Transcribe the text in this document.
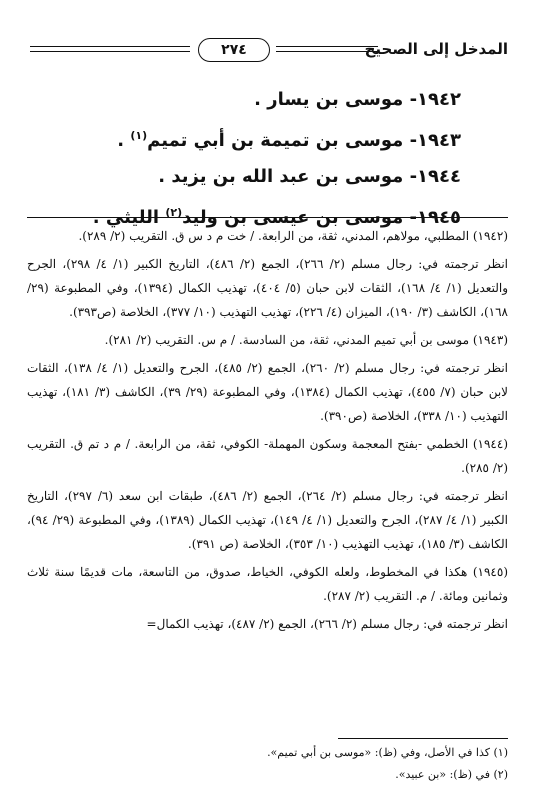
المدخل إلى الصحيح
٢٧٤
١٩٤٢- موسى بن يسار .
١٩٤٣- موسى بن تميمة بن أبي تميم$^{(١)}$ .
١٩٤٤- موسى بن عبد الله بن يزيد .
١٩٤٥- موسى بن عيسى بن وليد$^{(٢)}$ الليثي .

(١٩٤٢) المطلبي، مولاهم، المدني، ثقة، من الرابعة. / خت م د س ق. التقريب (٢/ ٢٨٩).

انظر ترجمته في: رجال مسلم (٢/ ٢٦٦)، الجمع (٢/ ٤٨٦)، التاريخ الكبير (١/ ٤/ ٢٩٨)، الجرح والتعديل (١/ ٤/ ١٦٨)، الثقات لابن حبان (٥/ ٤٠٤)، تهذيب الكمال (١٣٩٤)، وفي المطبوعة (٢٩/ ١٦٨)، الكاشف (٣/ ١٩٠)، الميزان (٤/ ٢٢٦)، تهذيب التهذيب (١٠/ ٣٧٧)، الخلاصة (ص٣٩٣).

(١٩٤٣) موسى بن أبي تميم المدني، ثقة، من السادسة. / م س. التقريب (٢/ ٢٨١).

انظر ترجمته في: رجال مسلم (٢/ ٢٦٠)، الجمع (٢/ ٤٨٥)، الجرح والتعديل (١/ ٤/ ١٣٨)، الثقات لابن حبان (٧/ ٤٥٥)، تهذيب الكمال (١٣٨٤)، وفي المطبوعة (٢٩/ ٣٩)، الكاشف (٣/ ١٨١)، تهذيب التهذيب (١٠/ ٣٣٨)، الخلاصة (ص٣٩٠).

(١٩٤٤) الخطمي -بفتح المعجمة وسكون المهملة- الكوفي، ثقة، من الرابعة. / م د تم ق. التقريب (٢/ ٢٨٥).

انظر ترجمته في: رجال مسلم (٢/ ٢٦٤)، الجمع (٢/ ٤٨٦)، طبقات ابن سعد (٦/ ٢٩٧)، التاريخ الكبير (١/ ٤/ ٢٨٧)، الجرح والتعديل (١/ ٤/ ١٤٩)، تهذيب الكمال (١٣٨٩)، وفي المطبوعة (٢٩/ ٩٤)، الكاشف (٣/ ١٨٥)، تهذيب التهذيب (١٠/ ٣٥٣)، الخلاصة (ص ٣٩١).

(١٩٤٥) هكذا في المخطوط، ولعله الكوفي، الخياط، صدوق، من التاسعة، مات قديمًا سنة ثلاث وثمانين ومائة. / م. التقريب (٢/ ٢٨٧).

انظر ترجمته في: رجال مسلم (٢/ ٢٦٦)، الجمع (٢/ ٤٨٧)، تهذيب الكمال=

(١) كذا في الأصل، وفي (ظ): «موسى بن أبي تميم».

(٢) في (ظ): «بن عبيد».
